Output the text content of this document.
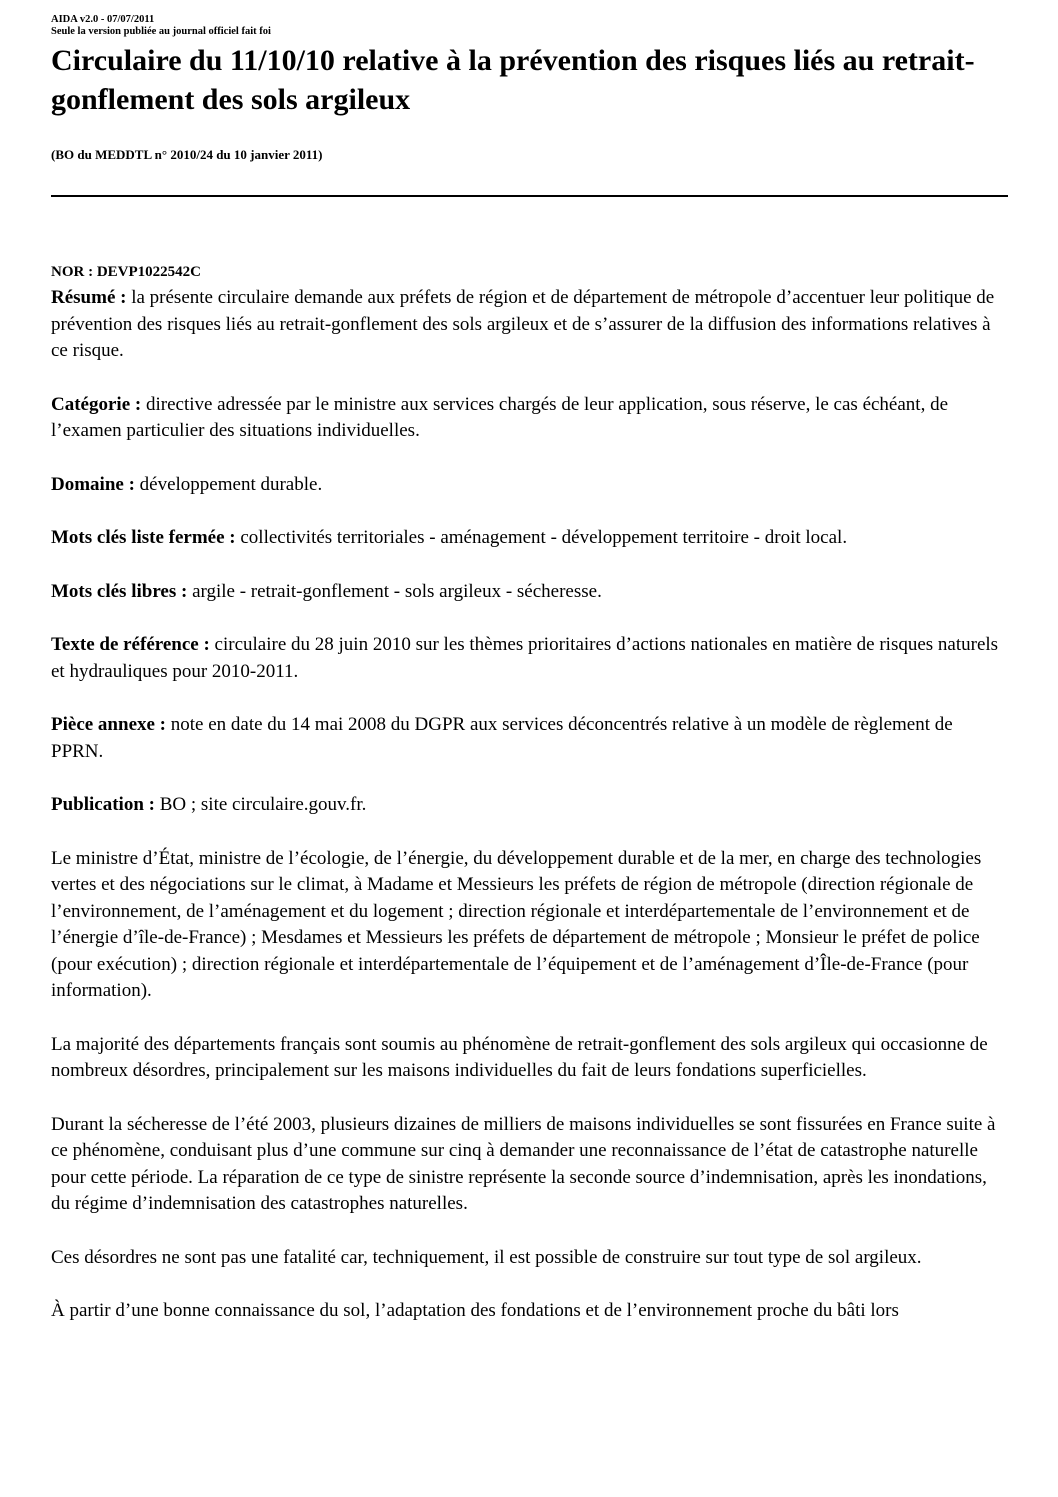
AIDA v2.0 - 07/07/2011
Seule la version publiée au journal officiel fait foi
Circulaire du 11/10/10 relative à la prévention des risques liés au retrait-gonflement des sols argileux
(BO du MEDDTL n° 2010/24 du 10 janvier 2011)
NOR : DEVP1022542C

Résumé : la présente circulaire demande aux préfets de région et de département de métropole d’accentuer leur politique de prévention des risques liés au retrait-gonflement des sols argileux et de s’assurer de la diffusion des informations relatives à ce risque.

Catégorie : directive adressée par le ministre aux services chargés de leur application, sous réserve, le cas échéant, de l’examen particulier des situations individuelles.

Domaine : développement durable.

Mots clés liste fermée : collectivités territoriales - aménagement - développement territoire - droit local.

Mots clés libres : argile - retrait-gonflement - sols argileux - sécheresse.

Texte de référence : circulaire du 28 juin 2010 sur les thèmes prioritaires d’actions nationales en matière de risques naturels et hydrauliques pour 2010-2011.

Pièce annexe : note en date du 14 mai 2008 du DGPR aux services déconcentrés relative à un modèle de règlement de PPRN.

Publication : BO ; site circulaire.gouv.fr.

Le ministre d’État, ministre de l’écologie, de l’énergie, du développement durable et de la mer, en charge des technologies vertes et des négociations sur le climat, à Madame et Messieurs les préfets de région de métropole (direction régionale de l’environnement, de l’aménagement et du logement ; direction régionale et interdépartementale de l’environnement et de l’énergie d’île-de-France) ; Mesdames et Messieurs les préfets de département de métropole ; Monsieur le préfet de police (pour exécution) ; direction régionale et interdépartementale de l’équipement et de l’aménagement d’Île-de-France (pour information).

La majorité des départements français sont soumis au phénomène de retrait-gonflement des sols argileux qui occasionne de nombreux désordres, principalement sur les maisons individuelles du fait de leurs fondations superficielles.

Durant la sécheresse de l’été 2003, plusieurs dizaines de milliers de maisons individuelles se sont fissurées en France suite à ce phénomène, conduisant plus d’une commune sur cinq à demander une reconnaissance de l’état de catastrophe naturelle pour cette période. La réparation de ce type de sinistre représente la seconde source d’indemnisation, après les inondations, du régime d’indemnisation des catastrophes naturelles.

Ces désordres ne sont pas une fatalité car, techniquement, il est possible de construire sur tout type de sol argileux.

À partir d’une bonne connaissance du sol, l’adaptation des fondations et de l’environnement proche du bâti lors
